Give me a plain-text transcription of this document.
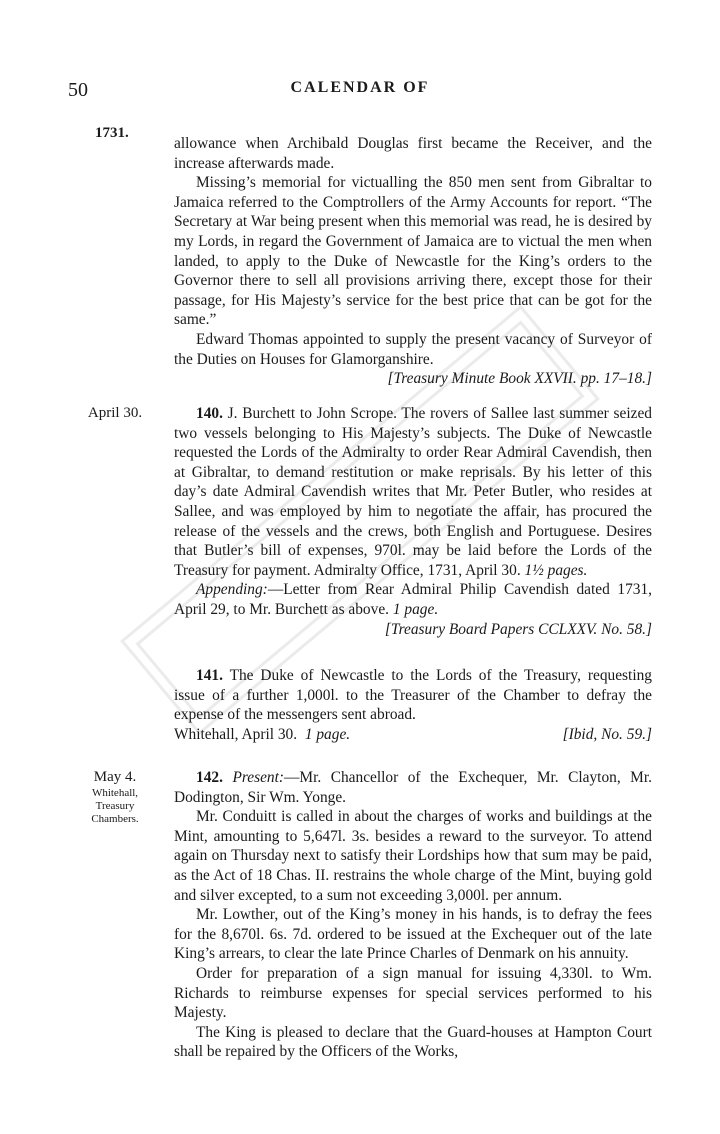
50	CALENDAR OF
1731.

allowance when Archibald Douglas first became the Receiver, and the increase afterwards made.

Missing’s memorial for victualling the 850 men sent from Gibraltar to Jamaica referred to the Comptrollers of the Army Accounts for report. “The Secretary at War being present when this memorial was read, he is desired by my Lords, in regard the Government of Jamaica are to victual the men when landed, to apply to the Duke of Newcastle for the King’s orders to the Governor there to sell all provisions arriving there, except those for their passage, for His Majesty’s service for the best price that can be got for the same.”

Edward Thomas appointed to supply the present vacancy of Surveyor of the Duties on Houses for Glamorganshire.

[Treasury Minute Book XXVII. pp. 17–18.]

April 30.	140. J. Burchett to John Scrope. The rovers of Sallee last summer seized two vessels belonging to His Majesty’s subjects. The Duke of Newcastle requested the Lords of the Admiralty to order Rear Admiral Cavendish, then at Gibraltar, to demand restitution or make reprisals. By his letter of this day’s date Admiral Cavendish writes that Mr. Peter Butler, who resides at Sallee, and was employed by him to negotiate the affair, has procured the release of the vessels and the crews, both English and Portuguese. Desires that Butler’s bill of expenses, 970l. may be laid before the Lords of the Treasury for payment. Admiralty Office, 1731, April 30. 1½ pages.

Appending:—Letter from Rear Admiral Philip Cavendish dated 1731, April 29, to Mr. Burchett as above. 1 page.

[Treasury Board Papers CCLXXV. No. 58.]

141. The Duke of Newcastle to the Lords of the Treasury, requesting issue of a further 1,000l. to the Treasurer of the Chamber to defray the expense of the messengers sent abroad.

Whitehall, April 30. 1 page.	[Ibid, No. 59.]
May 4.
Whitehall,
Treasury
Chambers.

142. Present:—Mr. Chancellor of the Exchequer, Mr. Clayton, Mr. Dodington, Sir Wm. Yonge.

Mr. Conduitt is called in about the charges of works and buildings at the Mint, amounting to 5,647l. 3s. besides a reward to the surveyor. To attend again on Thursday next to satisfy their Lordships how that sum may be paid, as the Act of 18 Chas. II. restrains the whole charge of the Mint, buying gold and silver excepted, to a sum not exceeding 3,000l. per annum.

Mr. Lowther, out of the King’s money in his hands, is to defray the fees for the 8,670l. 6s. 7d. ordered to be issued at the Exchequer out of the late King’s arrears, to clear the late Prince Charles of Denmark on his annuity.

Order for preparation of a sign manual for issuing 4,330l. to Wm. Richards to reimburse expenses for special services performed to his Majesty.

The King is pleased to declare that the Guard-houses at Hampton Court shall be repaired by the Officers of the Works,
